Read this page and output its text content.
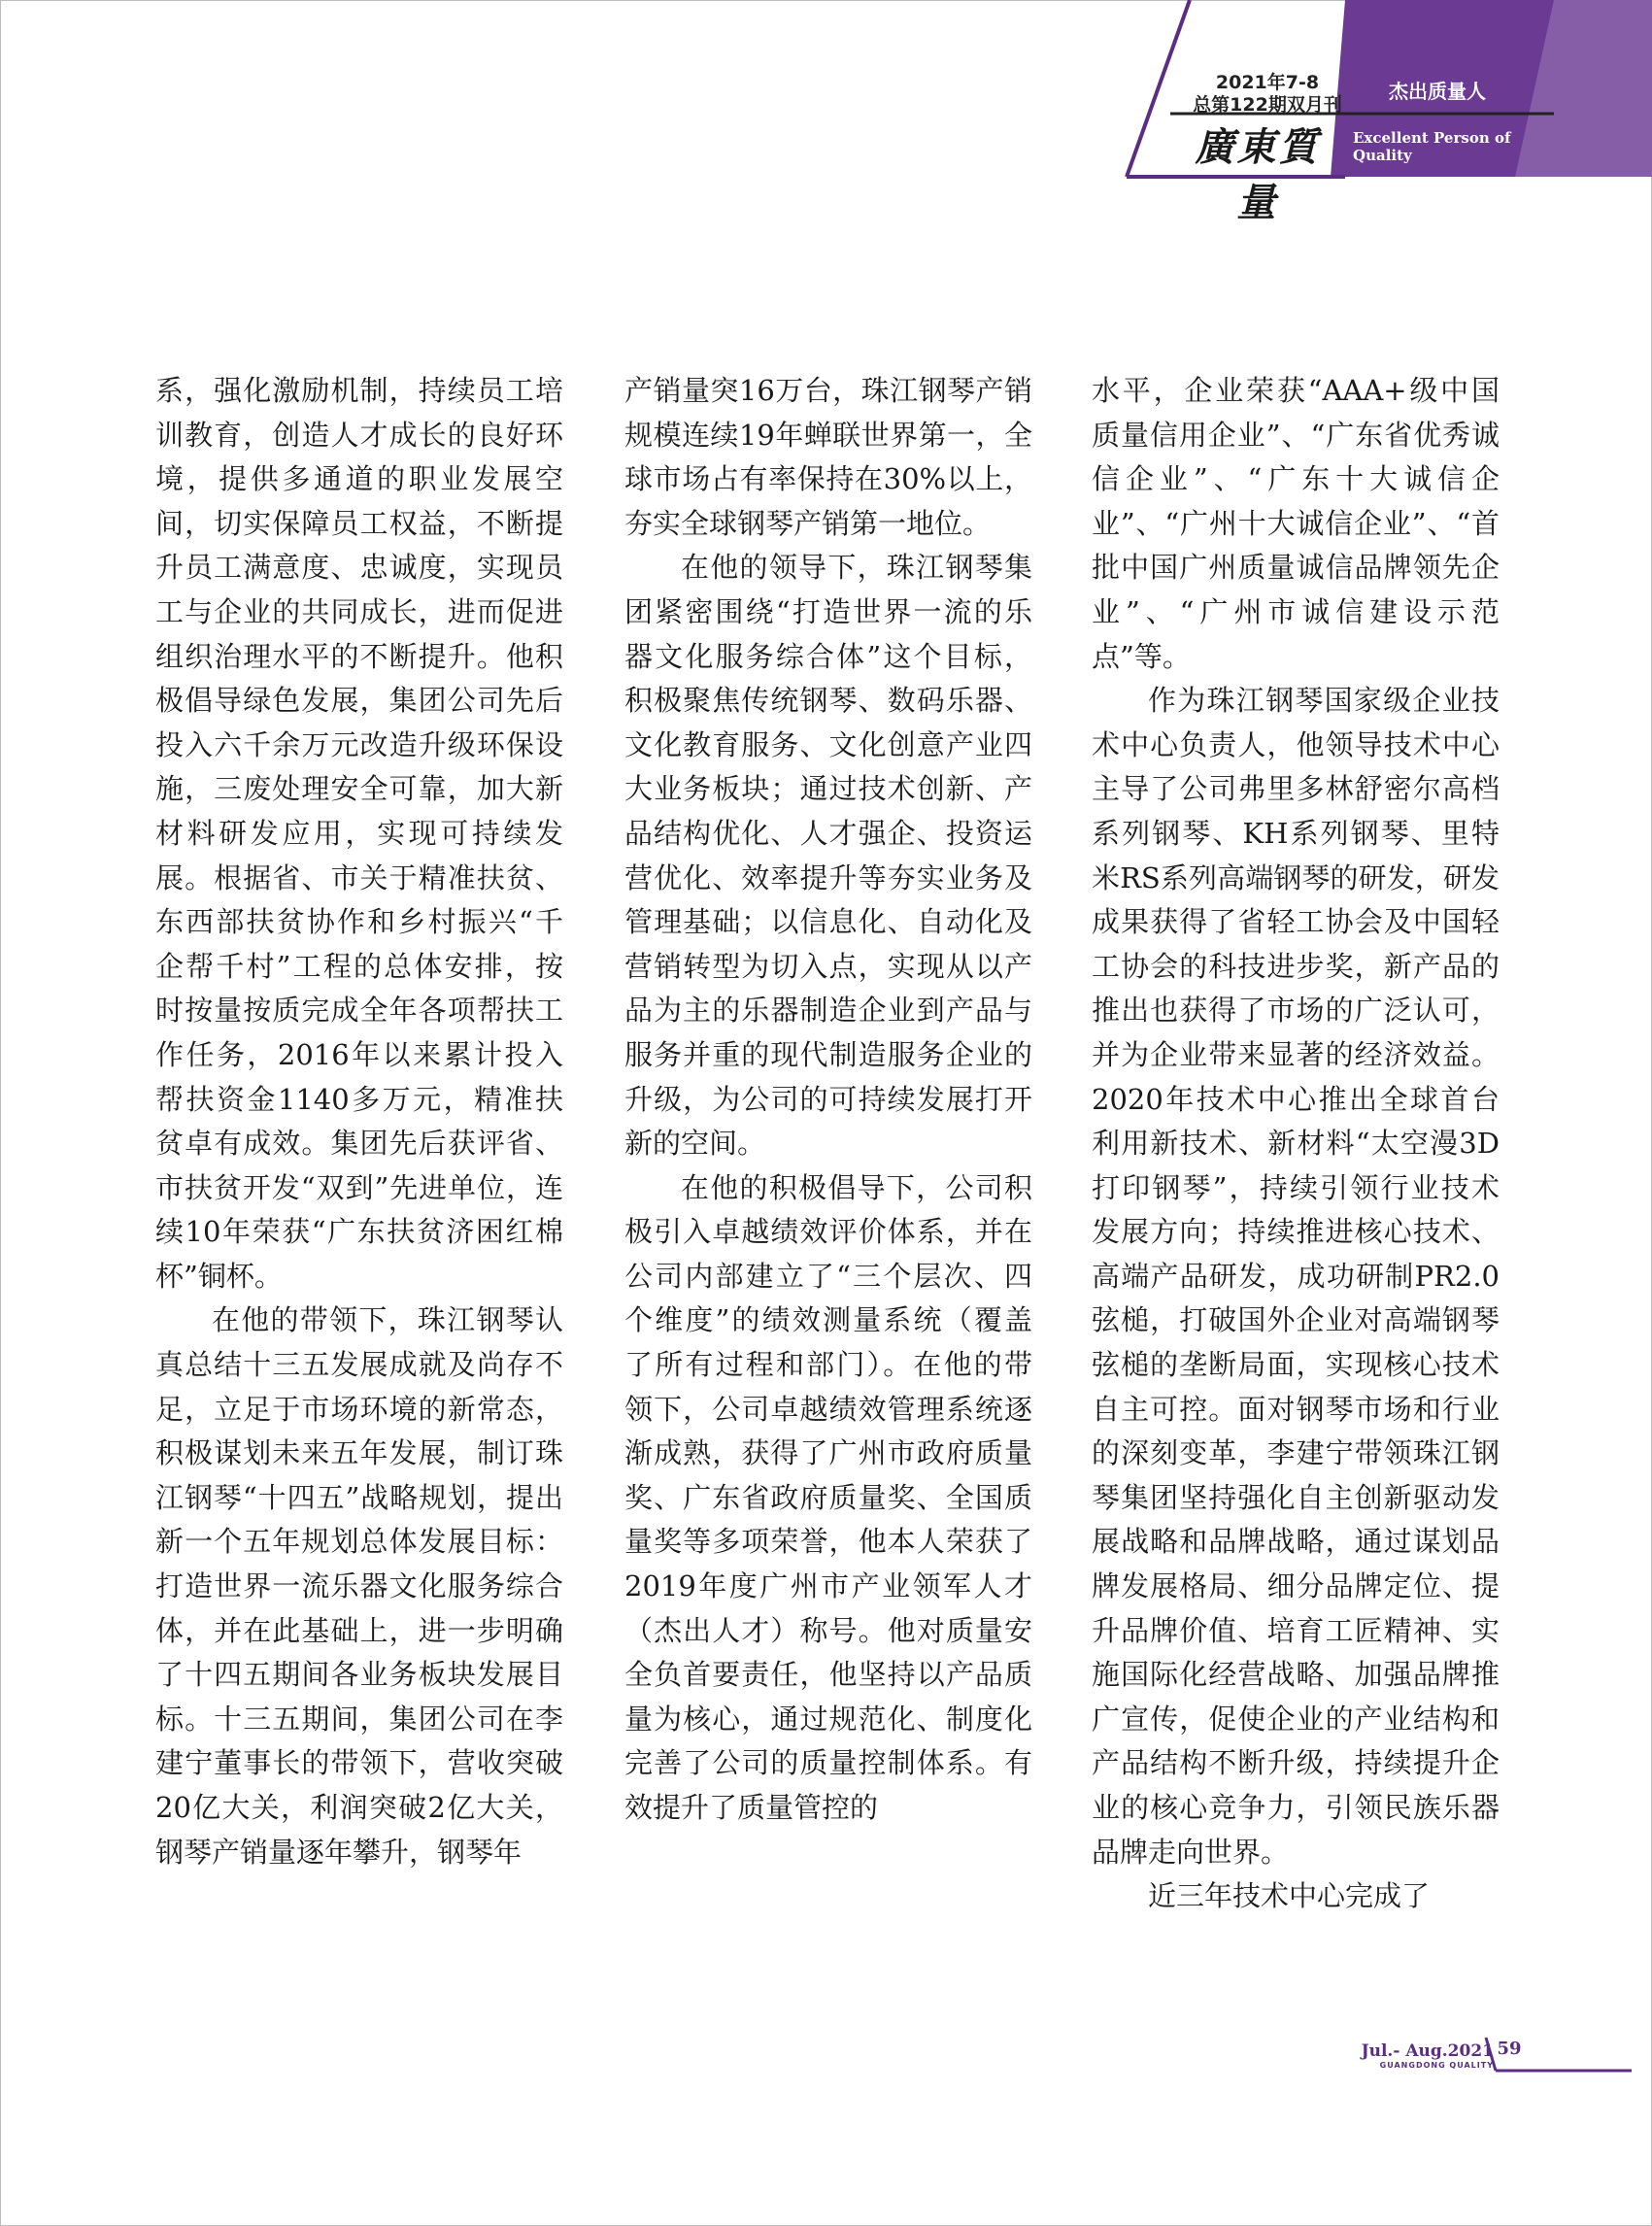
2021年7-8
总第122期双月刊
廣東質量
杰出质量人
Excellent Person of Quality

系，强化激励机制，持续员工培训教育，创造人才成长的良好环境，提供多通道的职业发展空间，切实保障员工权益，不断提升员工满意度、忠诚度，实现员工与企业的共同成长，进而促进组织治理水平的不断提升。他积极倡导绿色发展，集团公司先后投入六千余万元改造升级环保设施，三废处理安全可靠，加大新材料研发应用，实现可持续发展。根据省、市关于精准扶贫、东西部扶贫协作和乡村振兴“千企帮千村”工程的总体安排，按时按量按质完成全年各项帮扶工作任务，2016年以来累计投入帮扶资金1140多万元，精准扶贫卓有成效。集团先后获评省、市扶贫开发“双到”先进单位，连续10年荣获“广东扶贫济困红棉杯”铜杯。

在他的带领下，珠江钢琴认真总结十三五发展成就及尚存不足，立足于市场环境的新常态，积极谋划未来五年发展，制订珠江钢琴“十四五”战略规划，提出新一个五年规划总体发展目标：打造世界一流乐器文化服务综合体，并在此基础上，进一步明确了十四五期间各业务板块发展目标。十三五期间，集团公司在李建宁董事长的带领下，营收突破20亿大关，利润突破2亿大关，钢琴产销量逐年攀升，钢琴年

产销量突16万台，珠江钢琴产销规模连续19年蝉联世界第一，全球市场占有率保持在30%以上，夯实全球钢琴产销第一地位。

在他的领导下，珠江钢琴集团紧密围绕“打造世界一流的乐器文化服务综合体”这个目标，积极聚焦传统钢琴、数码乐器、文化教育服务、文化创意产业四大业务板块；通过技术创新、产品结构优化、人才强企、投资运营优化、效率提升等夯实业务及管理基础；以信息化、自动化及营销转型为切入点，实现从以产品为主的乐器制造企业到产品与服务并重的现代制造服务企业的升级，为公司的可持续发展打开新的空间。

在他的积极倡导下，公司积极引入卓越绩效评价体系，并在公司内部建立了“三个层次、四个维度”的绩效测量系统（覆盖了所有过程和部门）。在他的带领下，公司卓越绩效管理系统逐渐成熟，获得了广州市政府质量奖、广东省政府质量奖、全国质量奖等多项荣誉，他本人荣获了2019年度广州市产业领军人才（杰出人才）称号。他对质量安全负首要责任，他坚持以产品质量为核心，通过规范化、制度化完善了公司的质量控制体系。有效提升了质量管控的

水平，企业荣获“AAA+级中国质量信用企业”、“广东省优秀诚信企业”、“广东十大诚信企业”、“广州十大诚信企业”、“首批中国广州质量诚信品牌领先企业”、“广州市诚信建设示范点”等。

作为珠江钢琴国家级企业技术中心负责人，他领导技术中心主导了公司弗里多林舒密尔高档系列钢琴、KH系列钢琴、里特米RS系列高端钢琴的研发，研发成果获得了省轻工协会及中国轻工协会的科技进步奖，新产品的推出也获得了市场的广泛认可，并为企业带来显著的经济效益。2020年技术中心推出全球首台利用新技术、新材料“太空漫3D打印钢琴”，持续引领行业技术发展方向；持续推进核心技术、高端产品研发，成功研制PR2.0弦槌，打破国外企业对高端钢琴弦槌的垄断局面，实现核心技术自主可控。面对钢琴市场和行业的深刻变革，李建宁带领珠江钢琴集团坚持强化自主创新驱动发展战略和品牌战略，通过谋划品牌发展格局、细分品牌定位、提升品牌价值、培育工匠精神、实施国际化经营战略、加强品牌推广宣传，促使企业的产业结构和产品结构不断升级，持续提升企业的核心竞争力，引领民族乐器品牌走向世界。

近三年技术中心完成了

Jul.- Aug.2021
GUANGDONG QUALITY
59
